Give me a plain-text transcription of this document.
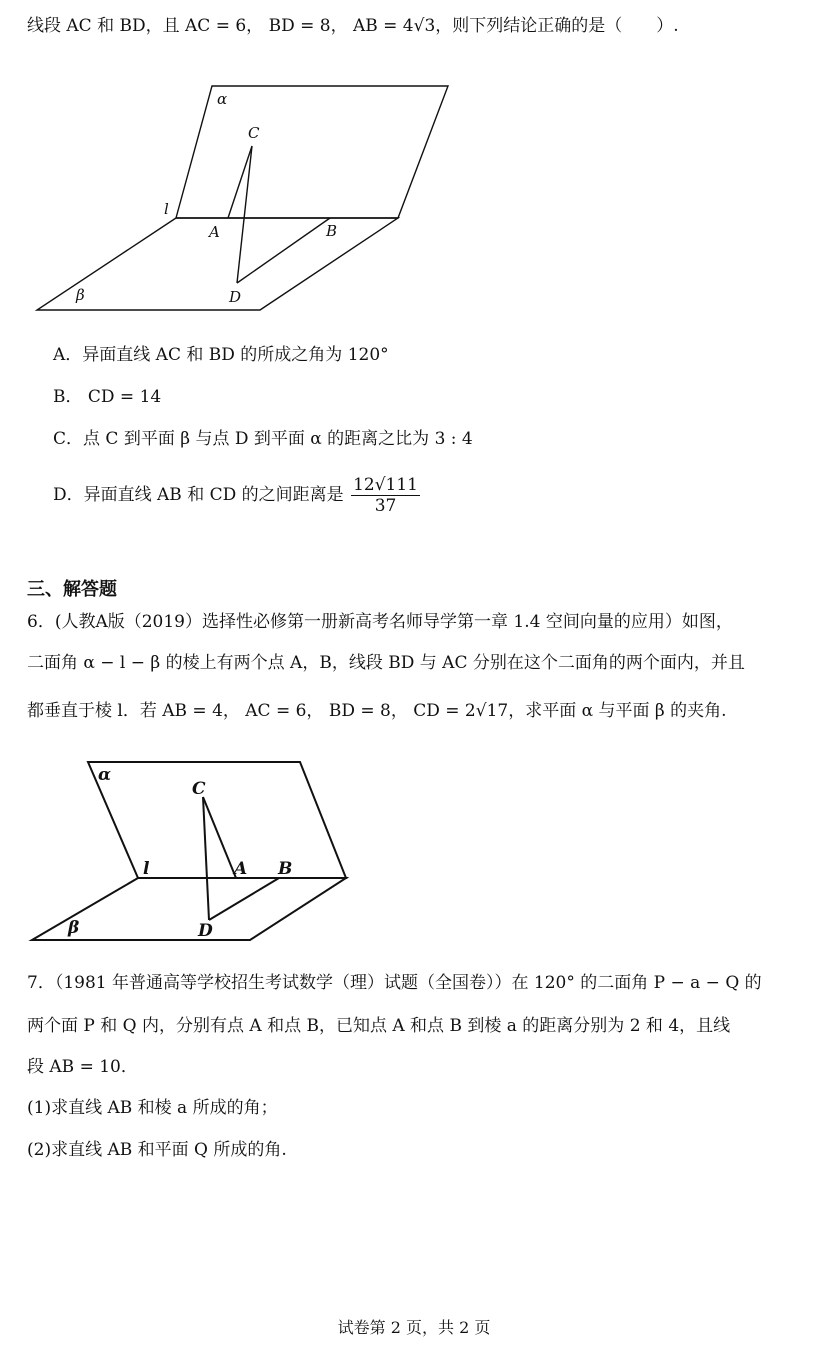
线段 AC 和 BD，且 AC = 6， BD = 8， AB = 4√3，则下列结论正确的是（　　）.
α
C
l
A	B
D
β
A．异面直线 AC 和 BD 的所成之角为 120°
B． CD = 14
C．点 C 到平面 β 与点 D 到平面 α 的距离之比为 3 : 4
D．异面直线 AB 和 CD 的之间距离是 $\frac{12√111}{37}$
三、解答题
6．(人教A版（2019）选择性必修第一册新高考名师导学第一章 1.4 空间向量的应用）如图，
二面角 α − l − β 的棱上有两个点 A，B，线段 BD 与 AC 分别在这个二面角的两个面内，并且
都垂直于棱 l．若 AB = 4， AC = 6， BD = 8， CD = 2√17，求平面 α 与平面 β 的夹角.
α
C
l	A B
D
β
7．（1981 年普通高等学校招生考试数学（理）试题（全国卷））在 120° 的二面角 P − a − Q 的
两个面 P 和 Q 内，分别有点 A 和点 B，已知点 A 和点 B 到棱 a 的距离分别为 2 和 4，且线
段 AB = 10．
(1)求直线 AB 和棱 a 所成的角；
(2)求直线 AB 和平面 Q 所成的角.
试卷第 2 页，共 2 页
